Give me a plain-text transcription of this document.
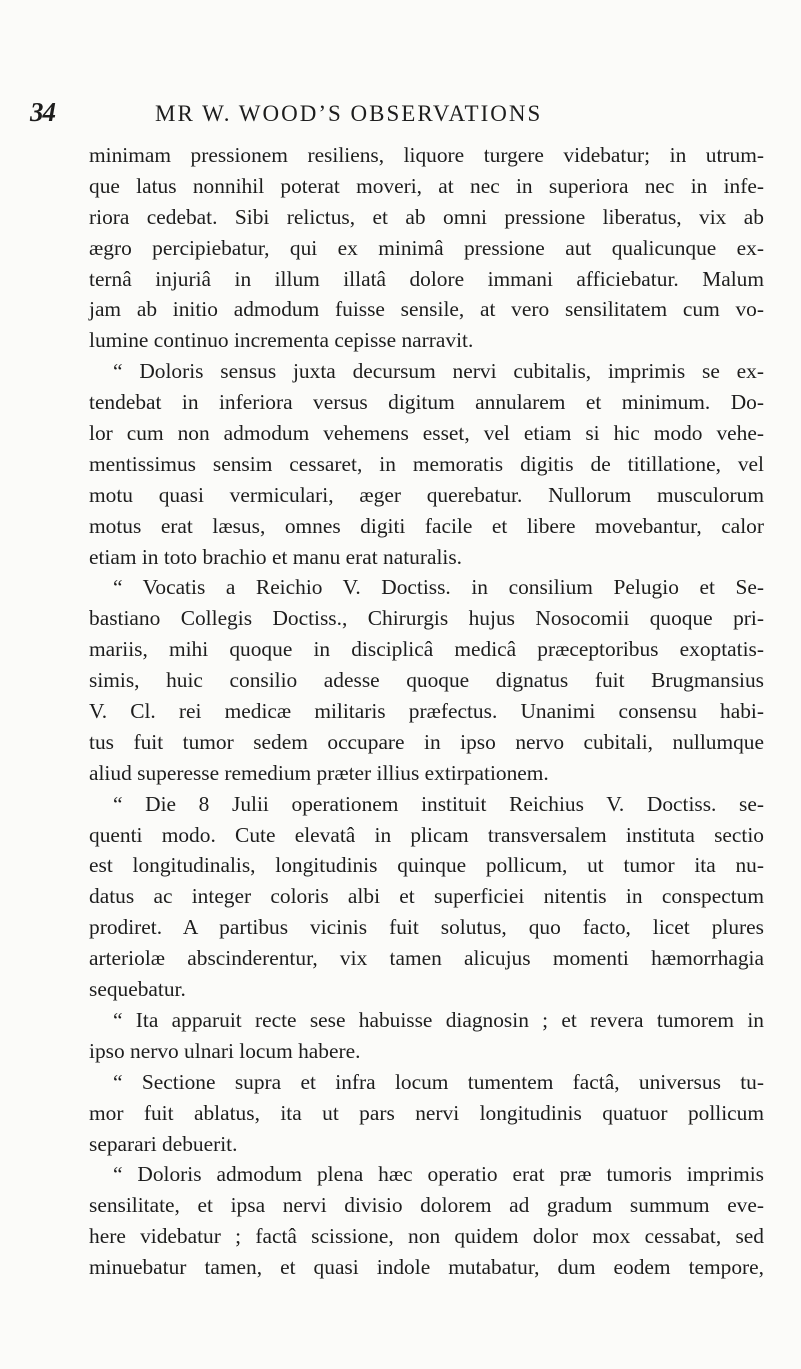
34	MR W. WOOD’S OBSERVATIONS
minimam pressionem resiliens, liquore turgere videbatur; in utrum-
que latus nonnihil poterat moveri, at nec in superiora nec in infe-
riora cedebat. Sibi relictus, et ab omni pressione liberatus, vix ab
ægro percipiebatur, qui ex minimâ pressione aut qualicunque ex-
ternâ injuriâ in illum illatâ dolore immani afficiebatur. Malum
jam ab initio admodum fuisse sensile, at vero sensilitatem cum vo-
lumine continuo incrementa cepisse narravit.
“ Doloris sensus juxta decursum nervi cubitalis, imprimis se ex-
tendebat in inferiora versus digitum annularem et minimum. Do-
lor cum non admodum vehemens esset, vel etiam si hic modo vehe-
mentissimus sensim cessaret, in memoratis digitis de titillatione, vel
motu quasi vermiculari, æger querebatur. Nullorum musculorum
motus erat læsus, omnes digiti facile et libere movebantur, calor
etiam in toto brachio et manu erat naturalis.
“ Vocatis a Reichio V. Doctiss. in consilium Pelugio et Se-
bastiano Collegis Doctiss., Chirurgis hujus Nosocomii quoque pri-
mariis, mihi quoque in disciplicâ medicâ præceptoribus exoptatis-
simis, huic consilio adesse quoque dignatus fuit Brugmansius
V. Cl. rei medicæ militaris præfectus. Unanimi consensu habi-
tus fuit tumor sedem occupare in ipso nervo cubitali, nullumque
aliud superesse remedium præter illius extirpationem.
“ Die 8 Julii operationem instituit Reichius V. Doctiss. se-
quenti modo. Cute elevatâ in plicam transversalem instituta sectio
est longitudinalis, longitudinis quinque pollicum, ut tumor ita nu-
datus ac integer coloris albi et superficiei nitentis in conspectum
prodiret. A partibus vicinis fuit solutus, quo facto, licet plures
arteriolæ abscinderentur, vix tamen alicujus momenti hæmorrhagia
sequebatur.
“ Ita apparuit recte sese habuisse diagnosin ; et revera tumorem in
ipso nervo ulnari locum habere.
“ Sectione supra et infra locum tumentem factâ, universus tu-
mor fuit ablatus, ita ut pars nervi longitudinis quatuor pollicum
separari debuerit.
“ Doloris admodum plena hæc operatio erat præ tumoris imprimis
sensilitate, et ipsa nervi divisio dolorem ad gradum summum eve-
here videbatur ; factâ scissione, non quidem dolor mox cessabat, sed
minuebatur tamen, et quasi indole mutabatur, dum eodem tempore,
